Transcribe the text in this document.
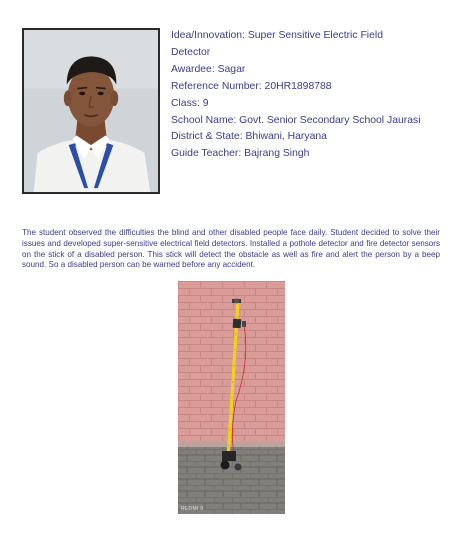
Idea/Innovation: Super Sensitive Electric Field
Detector
Awardee: Sagar
Reference Number: 20HR1898788
Class: 9
School Name: Govt. Senior Secondary School Jaurasi
District & State: Bhiwani, Haryana
Guide Teacher: Bajrang Singh

The student observed the difficulties the blind and other disabled people face daily. Student decided to solve their issues and developed super-sensitive electrical field detectors. Installed a pothole detector and fire detector sensors on the stick of a disabled person. This stick will detect the obstacle as well as fire and alert the person by a beep sound. So a disabled person can be warned before any accident.

REDMI 9
